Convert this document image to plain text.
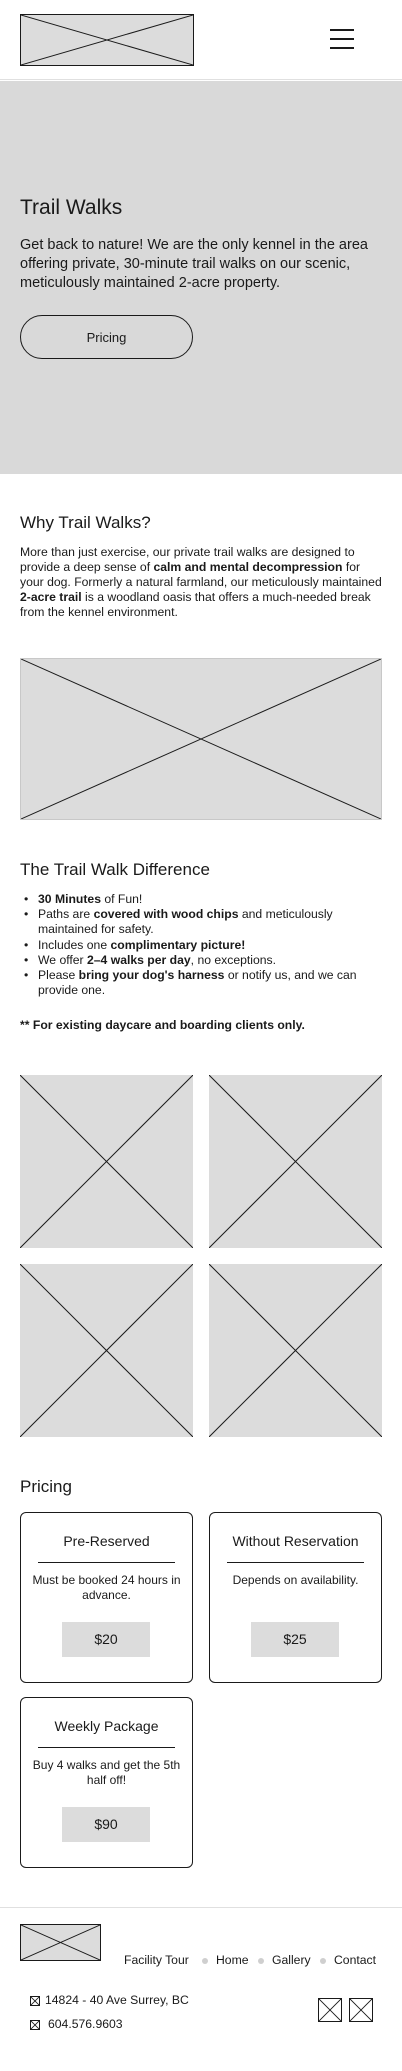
Trail Walks

Get back to nature! We are the only kennel in the area offering private, 30-minute trail walks on our scenic, meticulously maintained 2-acre property.

Pricing
Why Trail Walks?
More than just exercise, our private trail walks are designed to provide a deep sense of calm and mental decompression for your dog. Formerly a natural farmland, our meticulously maintained 2-acre trail is a woodland oasis that offers a much-needed break from the kennel environment.
The Trail Walk Difference
• 30 Minutes of Fun!
• Paths are covered with wood chips and meticulously maintained for safety.
• Includes one complimentary picture!
• We offer 2–4 walks per day, no exceptions.
• Please bring your dog's harness or notify us, and we can provide one.
** For existing daycare and boarding clients only.
Pricing
Pre-Reserved
Must be booked 24 hours in advance.
$20
Without Reservation
Depends on availability.
$25
Weekly Package
Buy 4 walks and get the 5th half off!
$90
Facility Tour Home Gallery Contact
14824 - 40 Ave Surrey, BC
604.576.9603
